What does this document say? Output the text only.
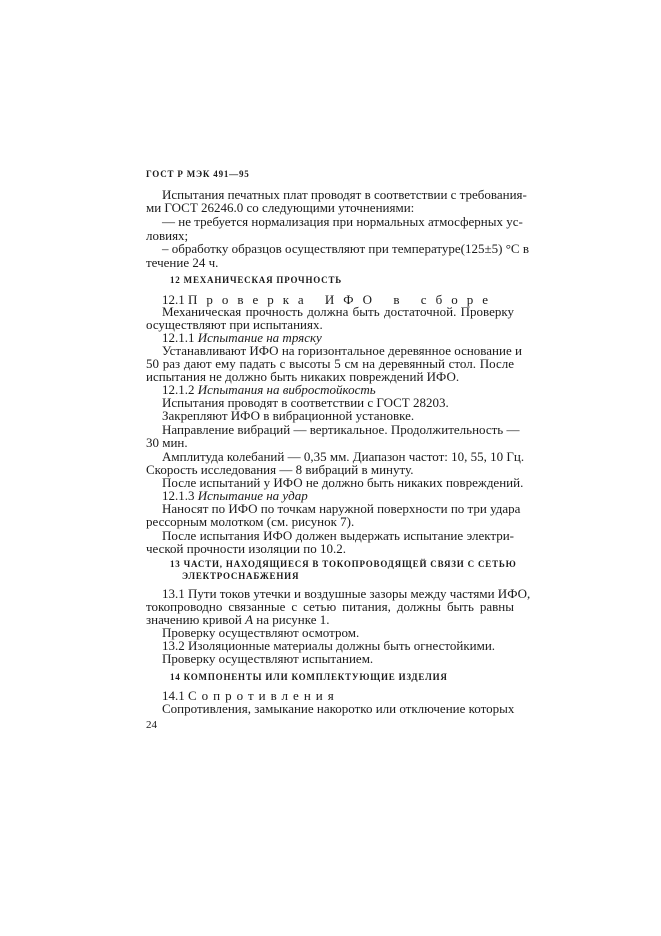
ГОСТ Р МЭК 491—95
Испытания печатных плат проводят в соответствии с требования-
ми ГОСТ 26246.0 со следующими уточнениями:
— не требуется нормализация при нормальных атмосферных ус-
ловиях;
– обработку образцов осуществляют при температуре(125±5) °С в
течение 24 ч.
12 МЕХАНИЧЕСКАЯ ПРОЧНОСТЬ
12.1 Проверка ИФО в сборе
Механическая прочность должна быть достаточной. Проверку
осуществляют при испытаниях.
12.1.1 Испытание на тряску
Устанавливают ИФО на горизонтальное деревянное основание и
50 раз дают ему падать с высоты 5 см на деревянный стол. После
испытания не должно быть никаких повреждений ИФО.
12.1.2 Испытания на вибростойкость
Испытания проводят в соответствии с ГОСТ 28203.
Закрепляют ИФО в вибрационной установке.
Направление вибраций — вертикальное. Продолжительность —
30 мин.
Амплитуда колебаний — 0,35 мм. Диапазон частот: 10, 55, 10 Гц.
Скорость исследования — 8 вибраций в минуту.
После испытаний у ИФО не должно быть никаких повреждений.
12.1.3 Испытание на удар
Наносят по ИФО по точкам наружной поверхности по три удара
рессорным молотком (см. рисунок 7).
После испытания ИФО должен выдержать испытание электри-
ческой прочности изоляции по 10.2.
13 ЧАСТИ, НАХОДЯЩИЕСЯ В ТОКОПРОВОДЯЩЕЙ СВЯЗИ С СЕТЬЮ
ЭЛЕКТРОСНАБЖЕНИЯ
13.1 Пути токов утечки и воздушные зазоры между частями ИФО,
токопроводно связанные с сетью питания, должны быть равны
значению кривой А на рисунке 1.
Проверку осуществляют осмотром.
13.2 Изоляционные материалы должны быть огнестойкими.
Проверку осуществляют испытанием.
14 КОМПОНЕНТЫ ИЛИ КОМПЛЕКТУЮЩИЕ ИЗДЕЛИЯ
14.1 Сопротивления
Сопротивления, замыкание накоротко или отключение которых
24
